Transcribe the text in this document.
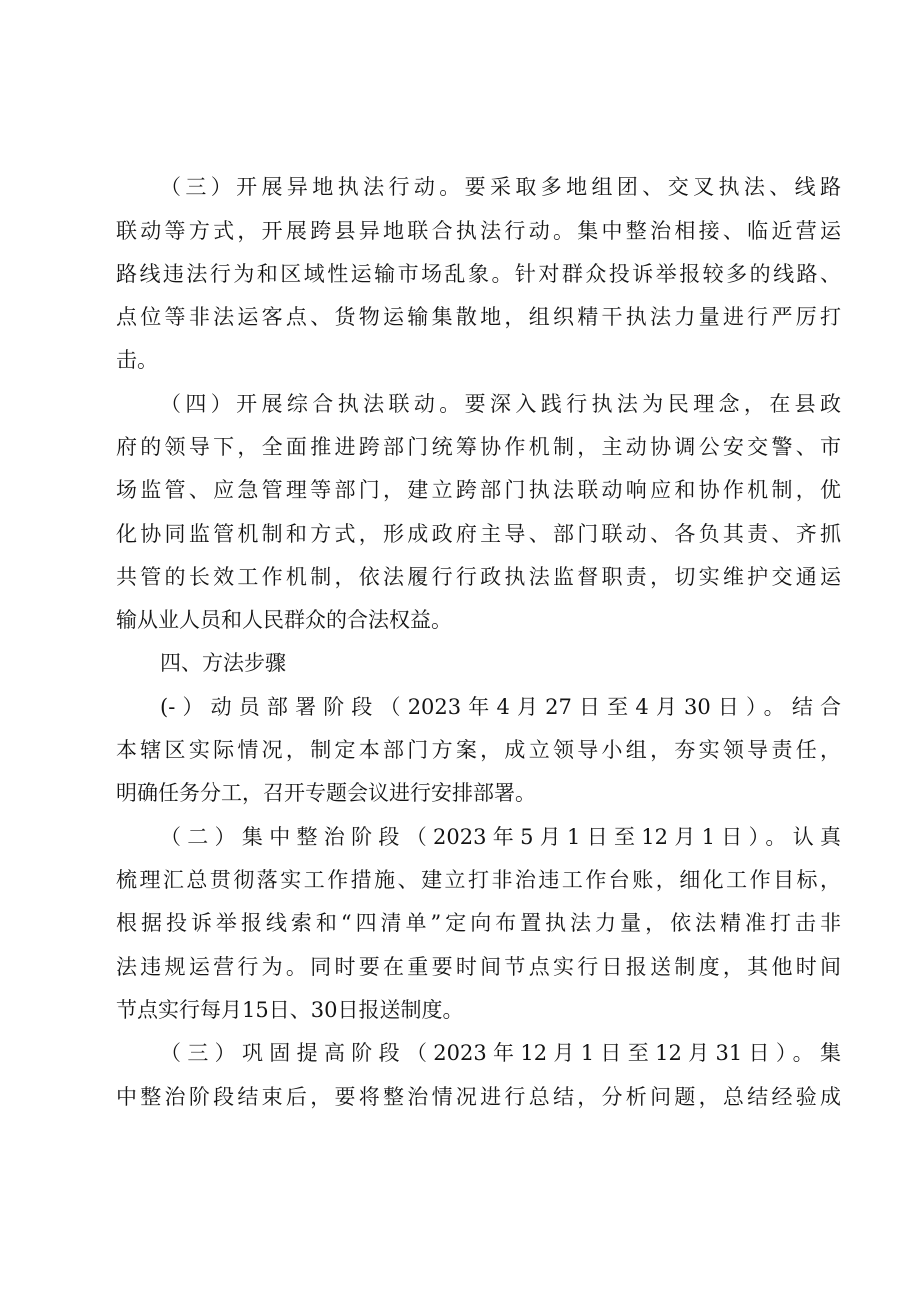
（三）开展异地执法行动。要采取多地组团、交叉执法、线路
联动等方式，开展跨县异地联合执法行动。集中整治相接、临近营运
路线违法行为和区域性运输市场乱象。针对群众投诉举报较多的线路、
点位等非法运客点、货物运输集散地，组织精干执法力量进行严厉打
击。
（四）开展综合执法联动。要深入践行执法为民理念，在县政
府的领导下，全面推进跨部门统筹协作机制，主动协调公安交警、市
场监管、应急管理等部门，建立跨部门执法联动响应和协作机制，优
化协同监管机制和方式，形成政府主导、部门联动、各负其责、齐抓
共管的长效工作机制，依法履行行政执法监督职责，切实维护交通运
输从业人员和人民群众的合法权益。
四、方法步骤
(-）动员部署阶段（2023年4月27日至4月30日）。结合
本辖区实际情况，制定本部门方案，成立领导小组，夯实领导责任，
明确任务分工，召开专题会议进行安排部署。
（二）集中整治阶段（2023年5月1日至12月1日）。认真
梳理汇总贯彻落实工作措施、建立打非治违工作台账，细化工作目标，
根据投诉举报线索和“四清单”定向布置执法力量，依法精准打击非
法违规运营行为。同时要在重要时间节点实行日报送制度，其他时间
节点实行每月15日、30日报送制度。
（三）巩固提高阶段（2023年12月1日至12月31日）。集
中整治阶段结束后，要将整治情况进行总结，分析问题，总结经验成
